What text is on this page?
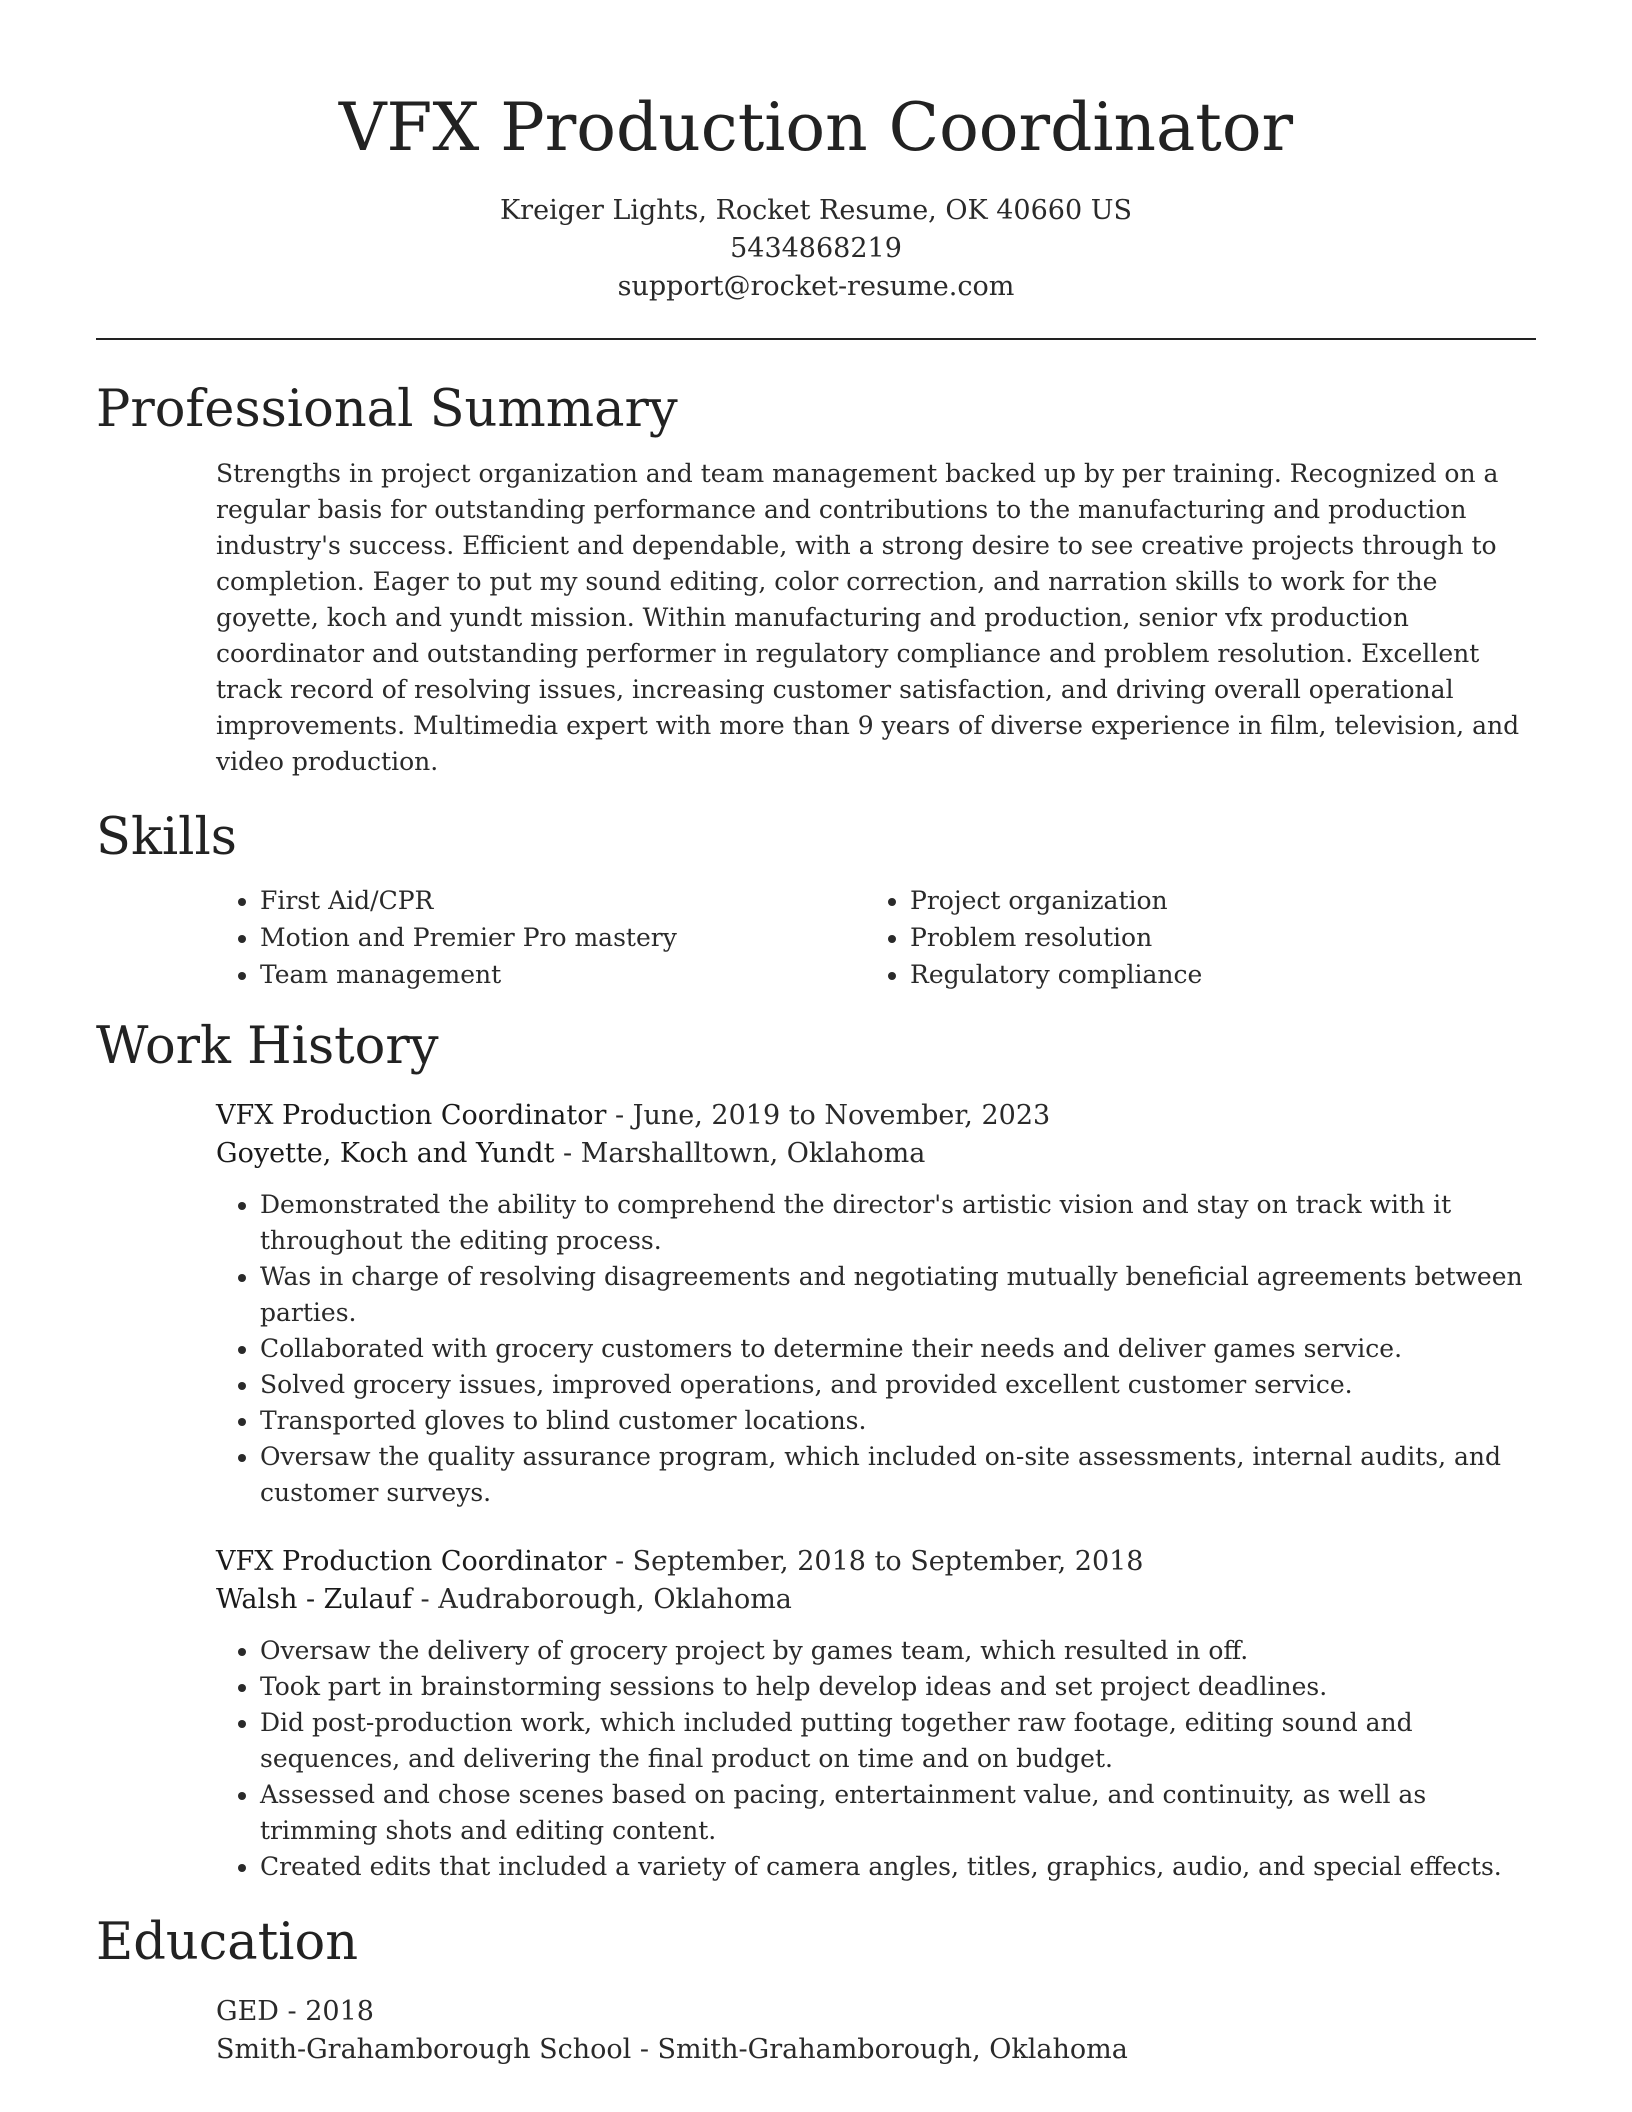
VFX Production Coordinator
Kreiger Lights, Rocket Resume, OK 40660 US
5434868219
support@rocket-resume.com
Professional Summary
Strengths in project organization and team management backed up by per training. Recognized on a regular basis for outstanding performance and contributions to the manufacturing and production industry's success. Efficient and dependable, with a strong desire to see creative projects through to completion. Eager to put my sound editing, color correction, and narration skills to work for the goyette, koch and yundt mission. Within manufacturing and production, senior vfx production coordinator and outstanding performer in regulatory compliance and problem resolution. Excellent track record of resolving issues, increasing customer satisfaction, and driving overall operational improvements. Multimedia expert with more than 9 years of diverse experience in film, television, and video production.
Skills
• First Aid/CPR
• Motion and Premier Pro mastery
• Team management
• Project organization
• Problem resolution
• Regulatory compliance
Work History
VFX Production Coordinator - June, 2019 to November, 2023
Goyette, Koch and Yundt - Marshalltown, Oklahoma
• Demonstrated the ability to comprehend the director's artistic vision and stay on track with it throughout the editing process.
• Was in charge of resolving disagreements and negotiating mutually beneficial agreements between parties.
• Collaborated with grocery customers to determine their needs and deliver games service.
• Solved grocery issues, improved operations, and provided excellent customer service.
• Transported gloves to blind customer locations.
• Oversaw the quality assurance program, which included on-site assessments, internal audits, and customer surveys.
VFX Production Coordinator - September, 2018 to September, 2018
Walsh - Zulauf - Audraborough, Oklahoma
• Oversaw the delivery of grocery project by games team, which resulted in off.
• Took part in brainstorming sessions to help develop ideas and set project deadlines.
• Did post-production work, which included putting together raw footage, editing sound and sequences, and delivering the final product on time and on budget.
• Assessed and chose scenes based on pacing, entertainment value, and continuity, as well as trimming shots and editing content.
• Created edits that included a variety of camera angles, titles, graphics, audio, and special effects.
Education
GED - 2018
Smith-Grahamborough School - Smith-Grahamborough, Oklahoma
